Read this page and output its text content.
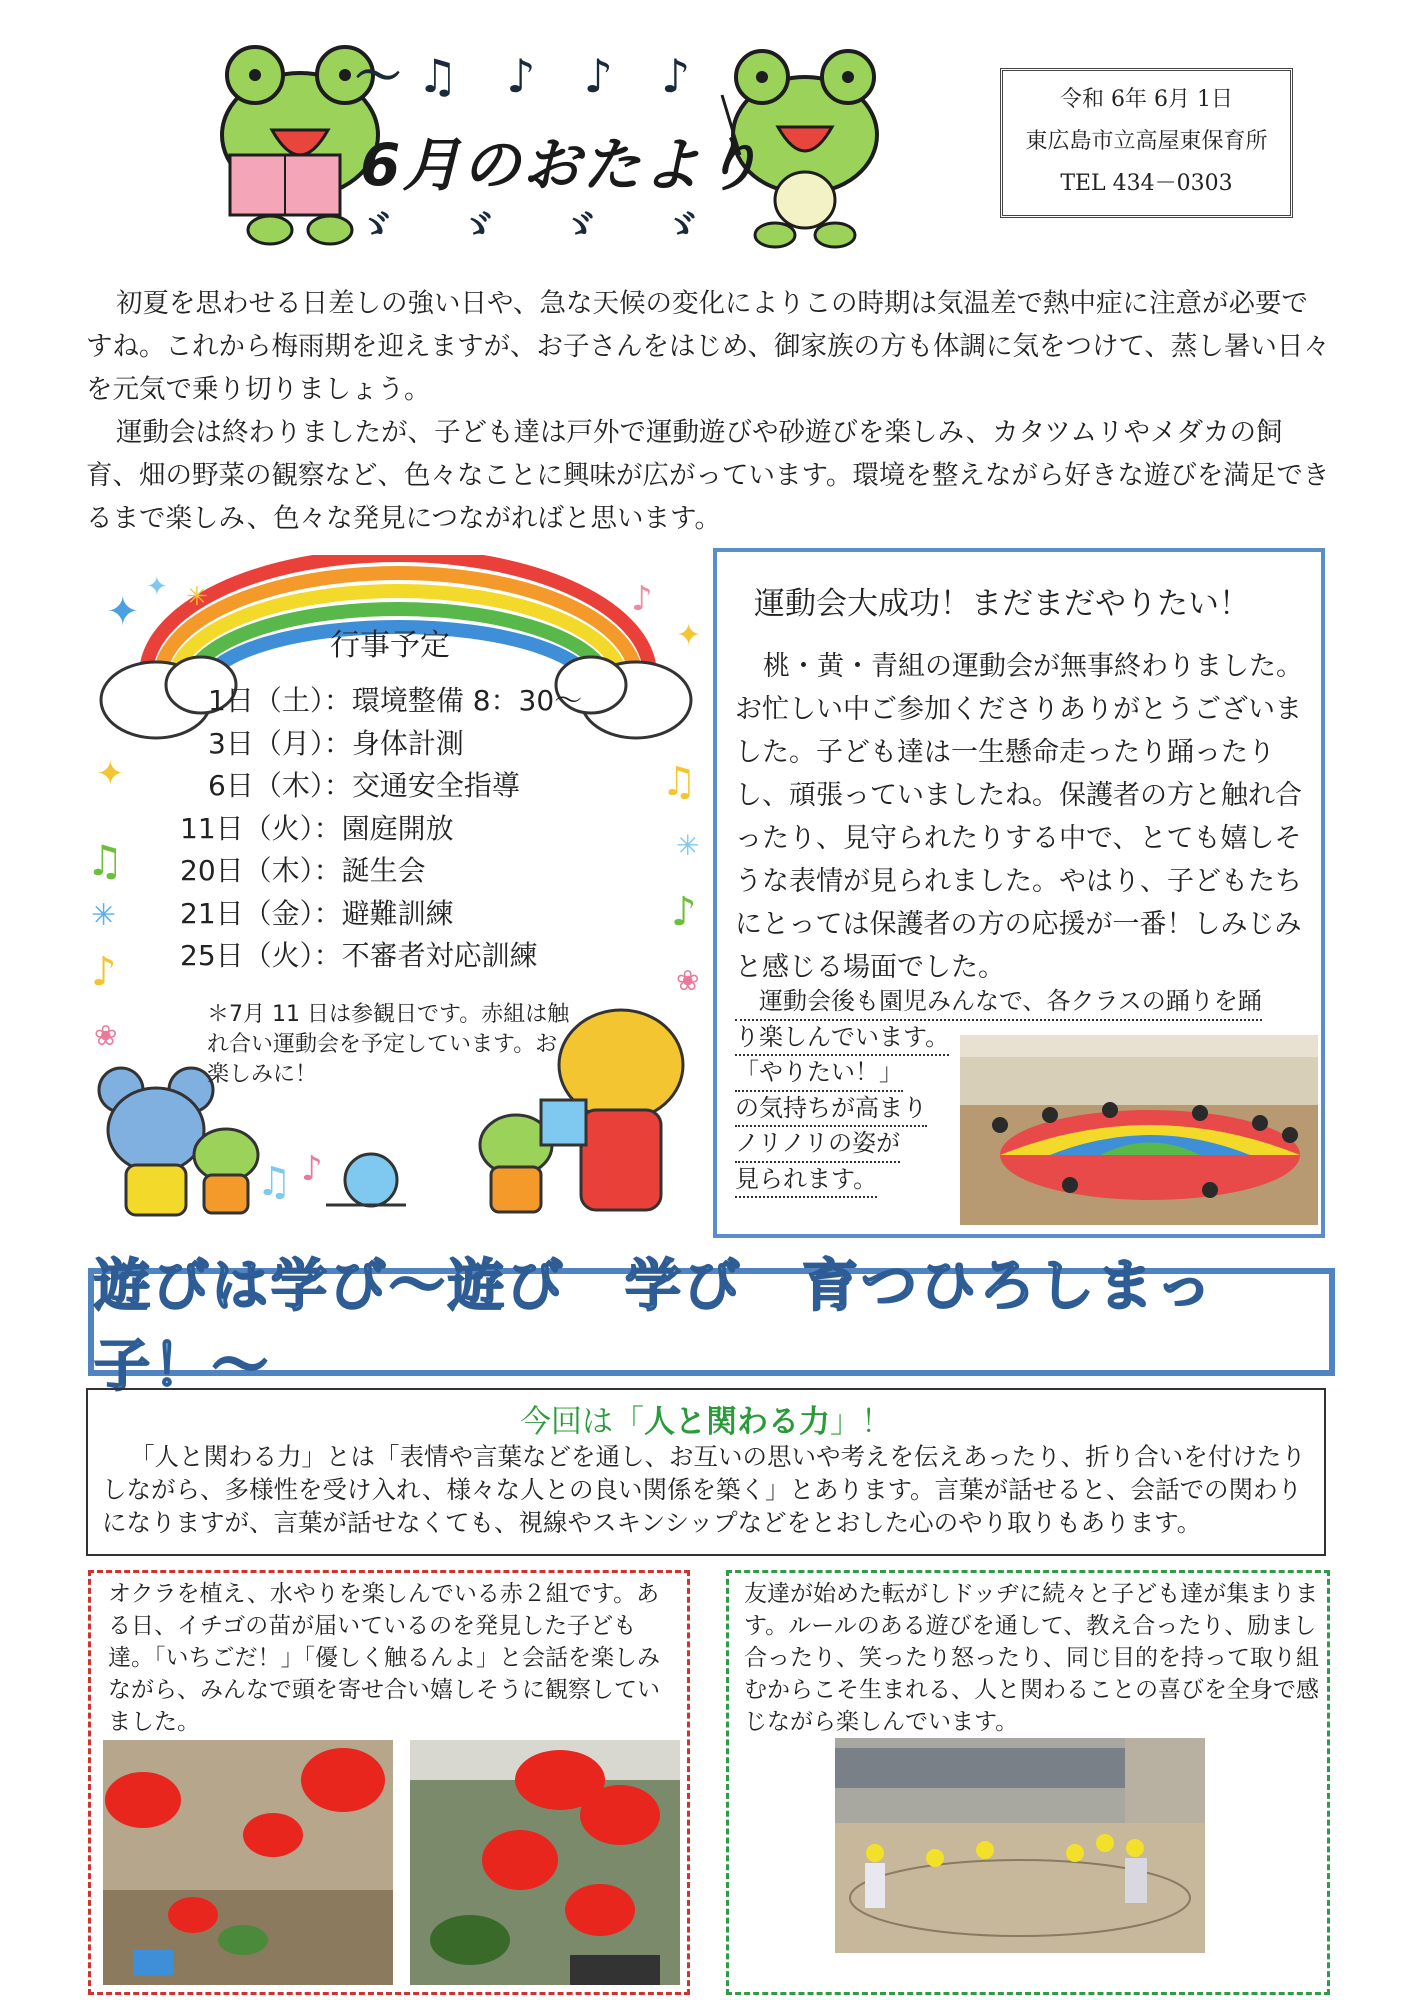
～♫ ♪ ♪ ♪
6月のおたより
ゞ ゞ ゞ ゞ
令和 6年 6月 1日
東広島市立高屋東保育所
TEL 434－0303

初夏を思わせる日差しの強い日や、急な天候の変化によりこの時期は気温差で熱中症に注意が必要ですね。これから梅雨期を迎えますが、お子さんをはじめ、御家族の方も体調に気をつけて、蒸し暑い日々を元気で乗り切りましょう。

運動会は終わりましたが、子ども達は戸外で運動遊びや砂遊びを楽しみ、カタツムリやメダカの飼育、畑の野菜の観察など、色々なことに興味が広がっています。環境を整えながら好きな遊びを満足できるまで楽しみ、色々な発見につながればと思います。

✦
✦ ✳	♪
✦
✦
♫
✳
♪
❀
♫
✳
♪
❀
♫ ♪
行事予定
　1日（土）：環境整備 8：30～
　3日（月）：身体計測
　6日（木）：交通安全指導
11日（火）：園庭開放
20日（木）：誕生会
21日（金）：避難訓練
25日（火）：不審者対応訓練
＊7月 11 日は参観日です。赤組は触れ合い運動会を予定しています。お楽しみに！
運動会大成功！まだまだやりたい！

桃・黄・青組の運動会が無事終わりました。お忙しい中ご参加くださりありがとうございました。子ども達は一生懸命走ったり踊ったりし、頑張っていましたね。保護者の方と触れ合ったり、見守られたりする中で、とても嬉しそうな表情が見られました。やはり、子どもたちにとっては保護者の方の応援が一番！しみじみと感じる場面でした。

　運動会後も園児みんなで、各クラスの踊りを踊
り楽しんでいます。
「やりたい！」
の気持ちが高まり
ノリノリの姿が
見られます。
遊びは学び～遊び　学び　育つひろしまっ子！～
今回は「人と関わる力」！

「人と関わる力」とは「表情や言葉などを通し、お互いの思いや考えを伝えあったり、折り合いを付けたりしながら、多様性を受け入れ、様々な人との良い関係を築く」とあります。言葉が話せると、会話での関わりになりますが、言葉が話せなくても、視線やスキンシップなどをとおした心のやり取りもあります。

オクラを植え、水やりを楽しんでいる赤２組です。ある日、イチゴの苗が届いているのを発見した子ども達。「いちごだ！」「優しく触るんよ」と会話を楽しみながら、みんなで頭を寄せ合い嬉しそうに観察していました。
友達が始めた転がしドッヂに続々と子ども達が集まります。ルールのある遊びを通して、教え合ったり、励まし合ったり、笑ったり怒ったり、同じ目的を持って取り組むからこそ生まれる、人と関わることの喜びを全身で感じながら楽しんでいます。
